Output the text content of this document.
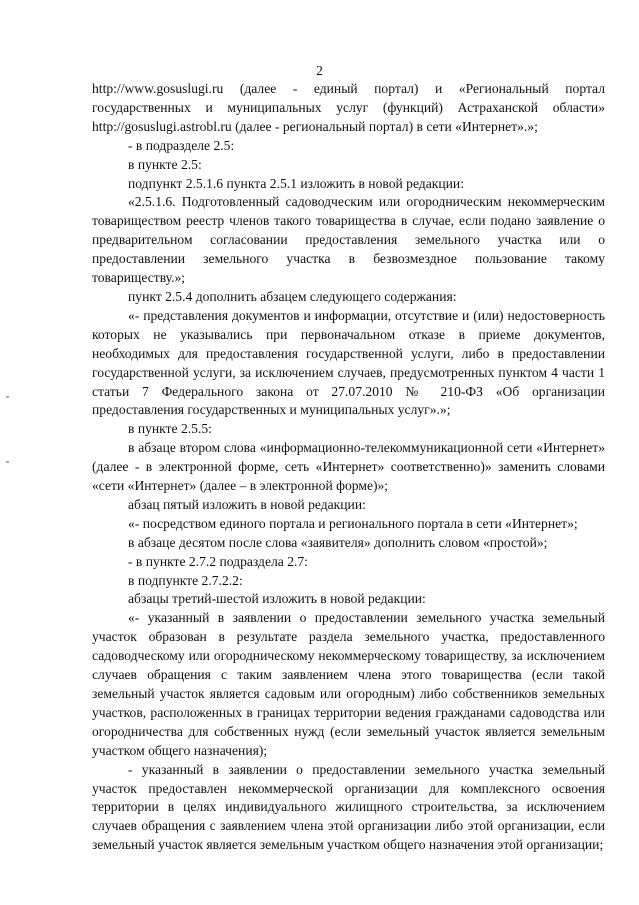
2

http://www.gosuslugi.ru (далее - единый портал) и «Региональный портал государственных и муниципальных услуг (функций) Астраханской области» http://gosuslugi.astrobl.ru (далее - региональный портал) в сети «Интернет».»;

- в подразделе 2.5:

в пункте 2.5:

подпункт 2.5.1.6 пункта 2.5.1 изложить в новой редакции:

«2.5.1.6. Подготовленный садоводческим или огородническим некоммерческим товариществом реестр членов такого товарищества в случае, если подано заявление о предварительном согласовании предоставления земельного участка или о предоставлении земельного участка в безвозмездное пользование такому товариществу.»;

пункт 2.5.4 дополнить абзацем следующего содержания:

«- представления документов и информации, отсутствие и (или) недостоверность которых не указывались при первоначальном отказе в приеме документов, необходимых для предоставления государственной услуги, либо в предоставлении государственной услуги, за исключением случаев, предусмотренных пунктом 4 части 1 статьи 7 Федерального закона от 27.07.2010 № 210-ФЗ «Об организации предоставления государственных и муниципальных услуг».»;

в пункте 2.5.5:

в абзаце втором слова «информационно-телекоммуникационной сети «Интернет» (далее - в электронной форме, сеть «Интернет» соответственно)» заменить словами «сети «Интернет» (далее – в электронной форме)»;

абзац пятый изложить в новой редакции:

«- посредством единого портала и регионального портала в сети «Интернет»;

в абзаце десятом после слова «заявителя» дополнить словом «простой»;

- в пункте 2.7.2 подраздела 2.7:

в подпункте 2.7.2.2:

абзацы третий-шестой изложить в новой редакции:

«- указанный в заявлении о предоставлении земельного участка земельный участок образован в результате раздела земельного участка, предоставленного садоводческому или огородническому некоммерческому товариществу, за исключением случаев обращения с таким заявлением члена этого товарищества (если такой земельный участок является садовым или огородным) либо собственников земельных участков, расположенных в границах территории ведения гражданами садоводства или огородничества для собственных нужд (если земельный участок является земельным участком общего назначения);

- указанный в заявлении о предоставлении земельного участка земельный участок предоставлен некоммерческой организации для комплексного освоения территории в целях индивидуального жилищного строительства, за исключением случаев обращения с заявлением члена этой организации либо этой организации, если земельный участок является земельным участком общего назначения этой организации;
